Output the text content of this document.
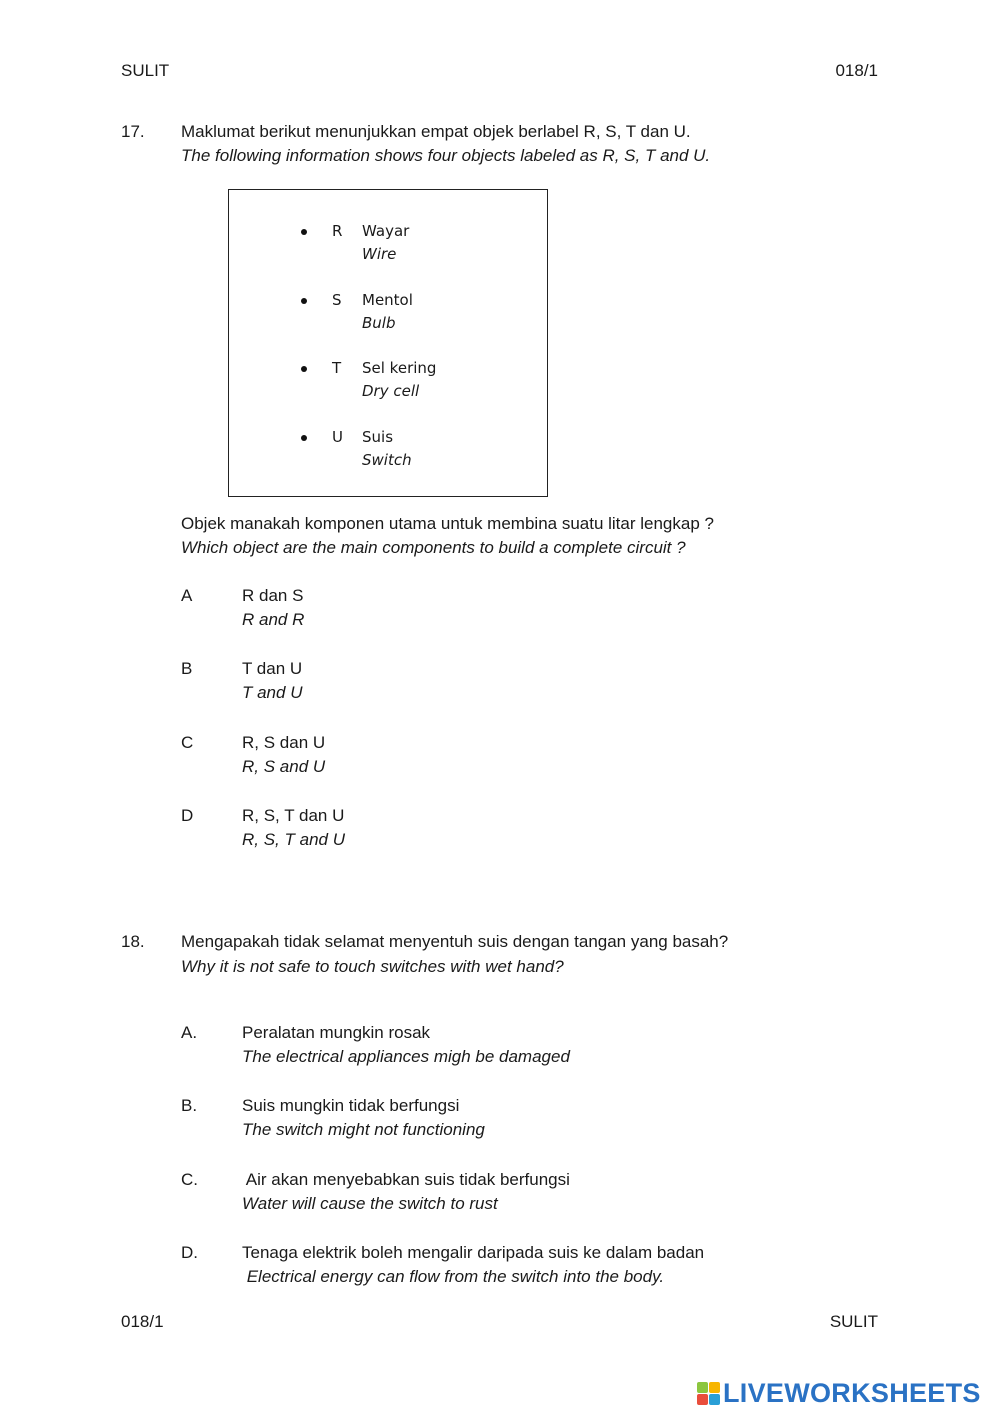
SULIT	018/1
17. Maklumat berikut menunjukkan empat objek berlabel R, S, T dan U.
The following information shows four objects labeled as R, S, T and U.
R Wayar
Wire
S Mentol
Bulb
T Sel kering
Dry cell
U Suis
Switch
Objek manakah komponen utama untuk membina suatu litar lengkap ?
Which object are the main components to build a complete circuit ?
A	R dan S
R and R
B	T dan U
T and U
C	R, S dan U
R, S and U
D	R, S, T dan U
R, S, T and U
18. Mengapakah tidak selamat menyentuh suis dengan tangan yang basah?
Why it is not safe to touch switches with wet hand?
A.	Peralatan mungkin rosak
The electrical appliances migh be damaged
B.	Suis mungkin tidak berfungsi
The switch might not functioning
C.	Air akan menyebabkan suis tidak berfungsi
Water will cause the switch to rust
D.	Tenaga elektrik boleh mengalir daripada suis ke dalam badan
Electrical energy can flow from the switch into the body.
018/1	SULIT
LIVEWORKSHEETS
